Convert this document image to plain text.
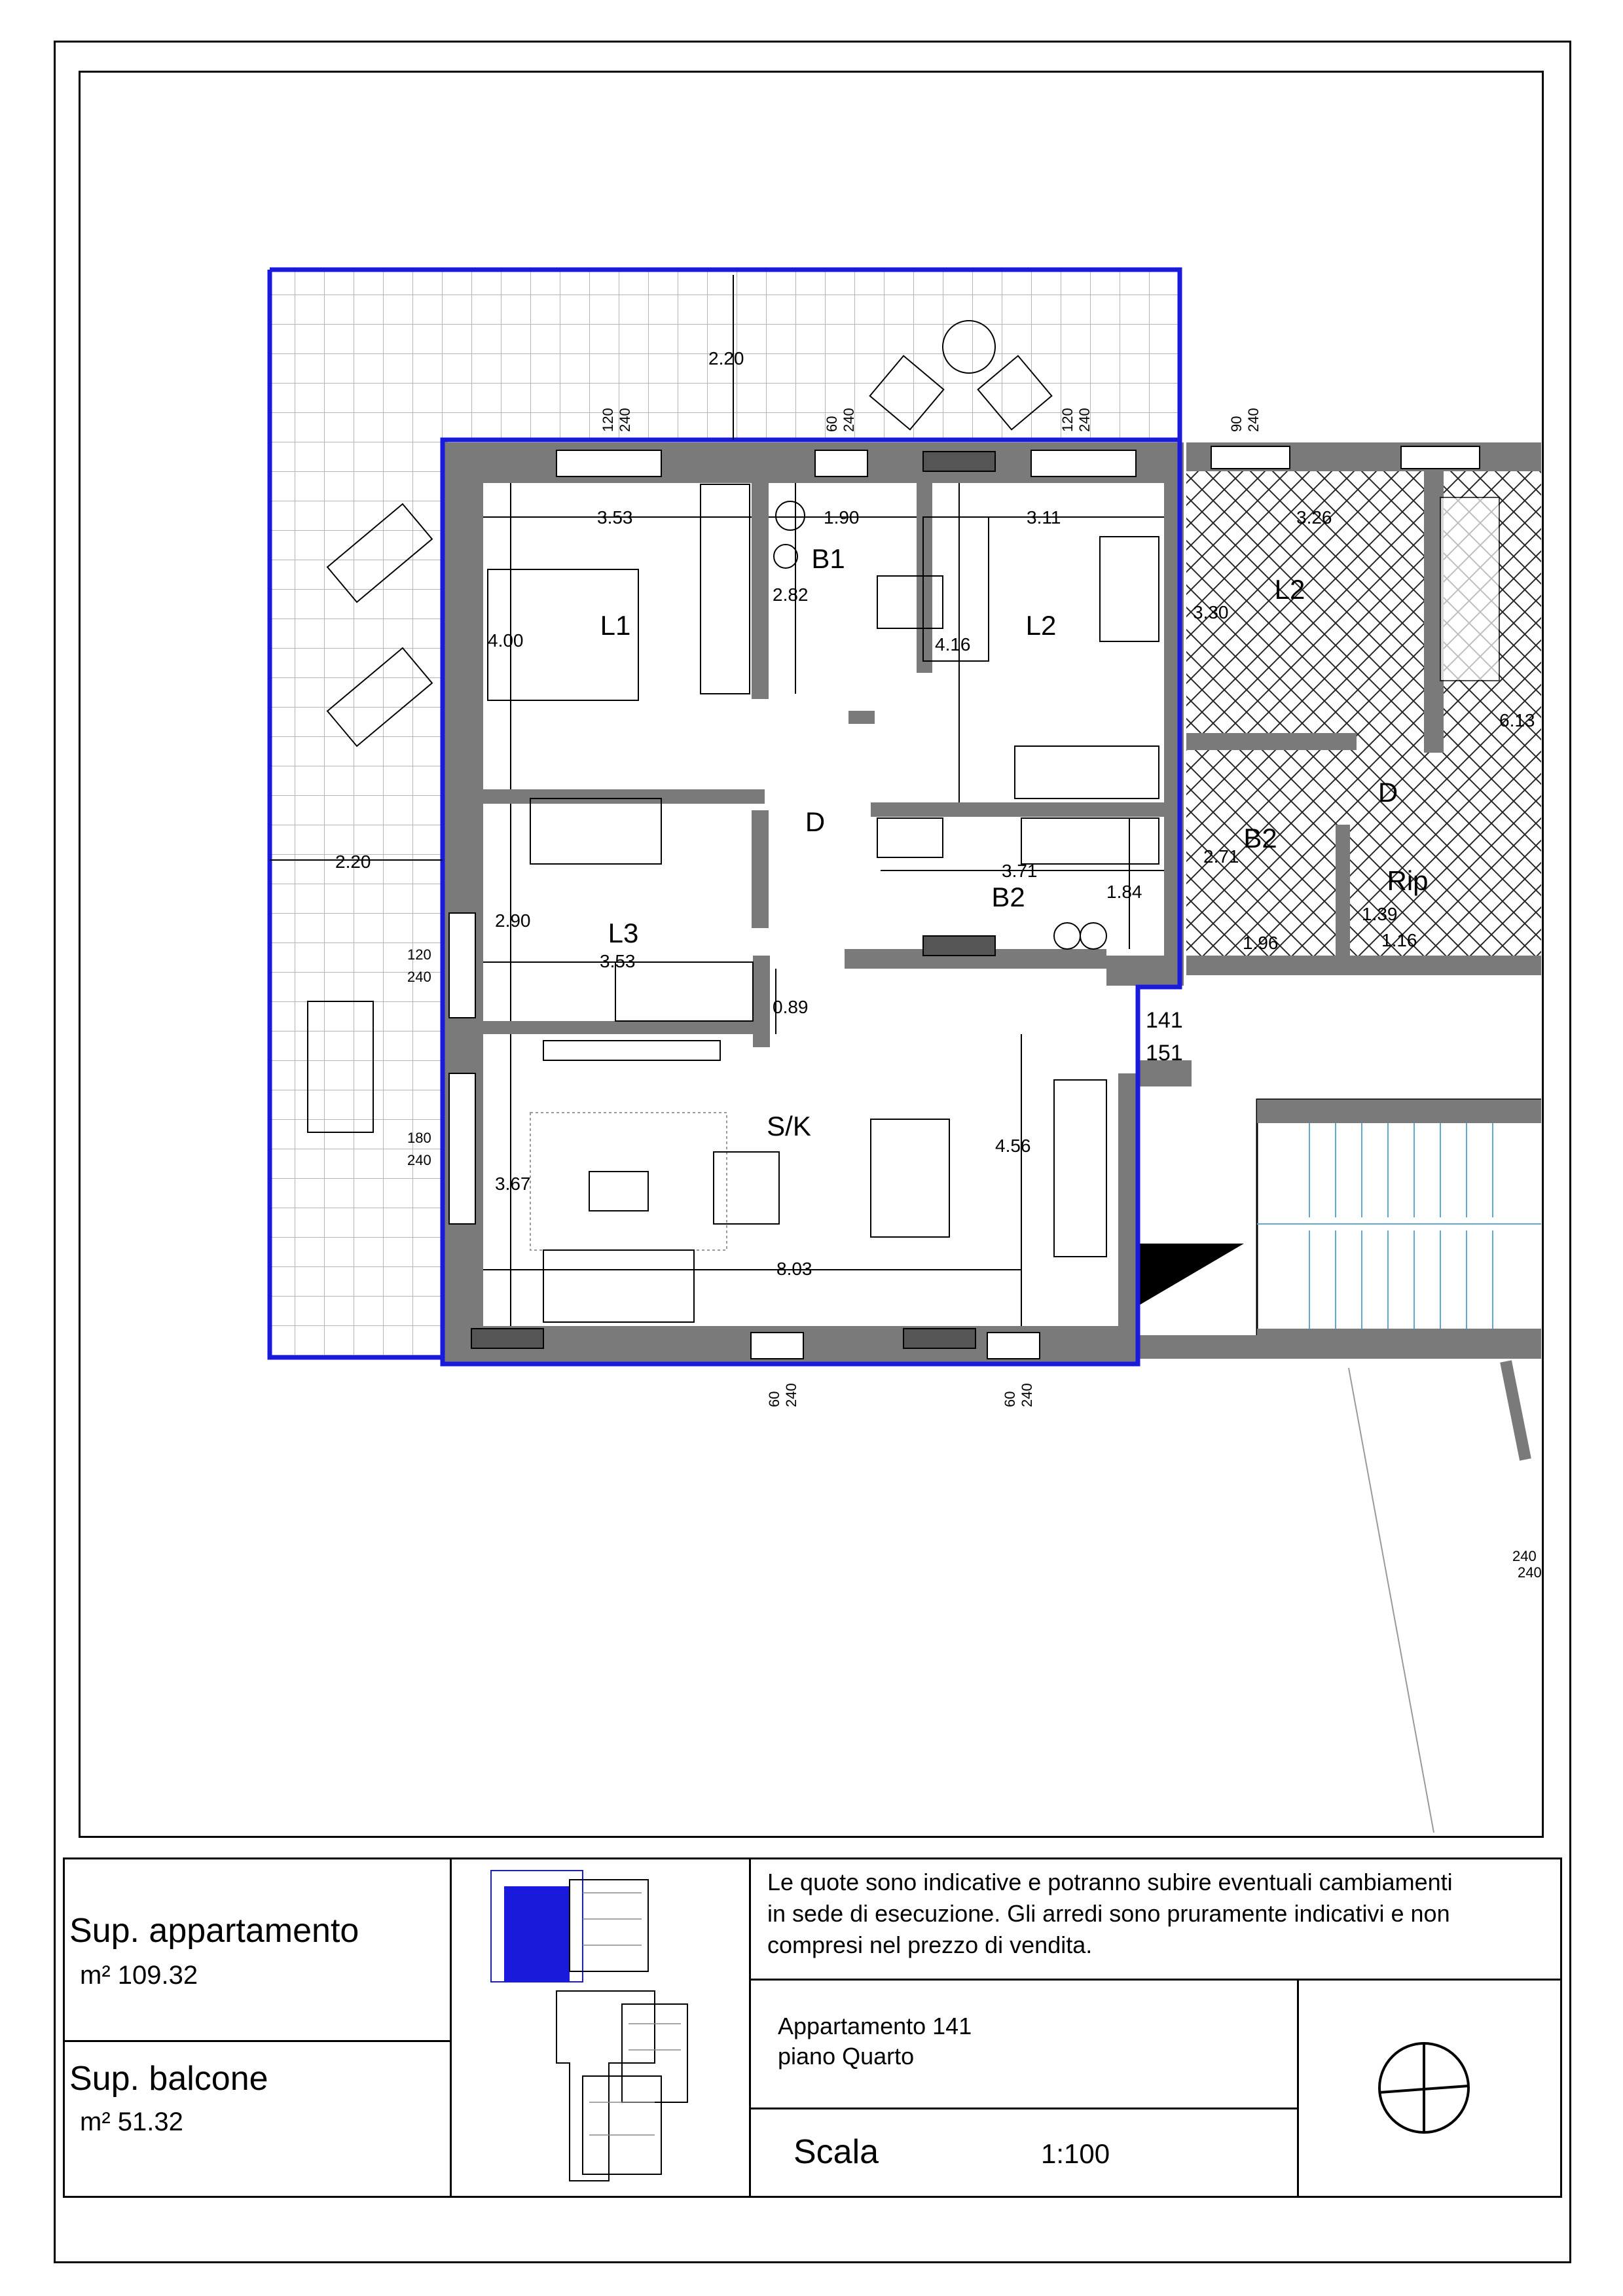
L1
B1
L2
D
B2
L3
S/K
L2
D
B2
Rip
141
151
2.20
2.20
3.53
4.00
1.90
2.82
3.11
4.16
3.71
1.84
2.90
3.53
0.89
3.67
8.03
4.56
3.30
3.26
6.13
2.71
1.96
1.39
1.16
120 240	60 240	120 240	90 240
120
240
180
240
60 240	60 240
240
240
Sup. appartamento
m² 109.32
Sup. balcone
m² 51.32
Le quote sono indicative e potranno subire eventuali cambiamenti
in sede di esecuzione. Gli arredi sono pruramente indicativi e non
compresi nel prezzo di vendita.
Appartamento 141
piano Quarto
Scala	1:100
